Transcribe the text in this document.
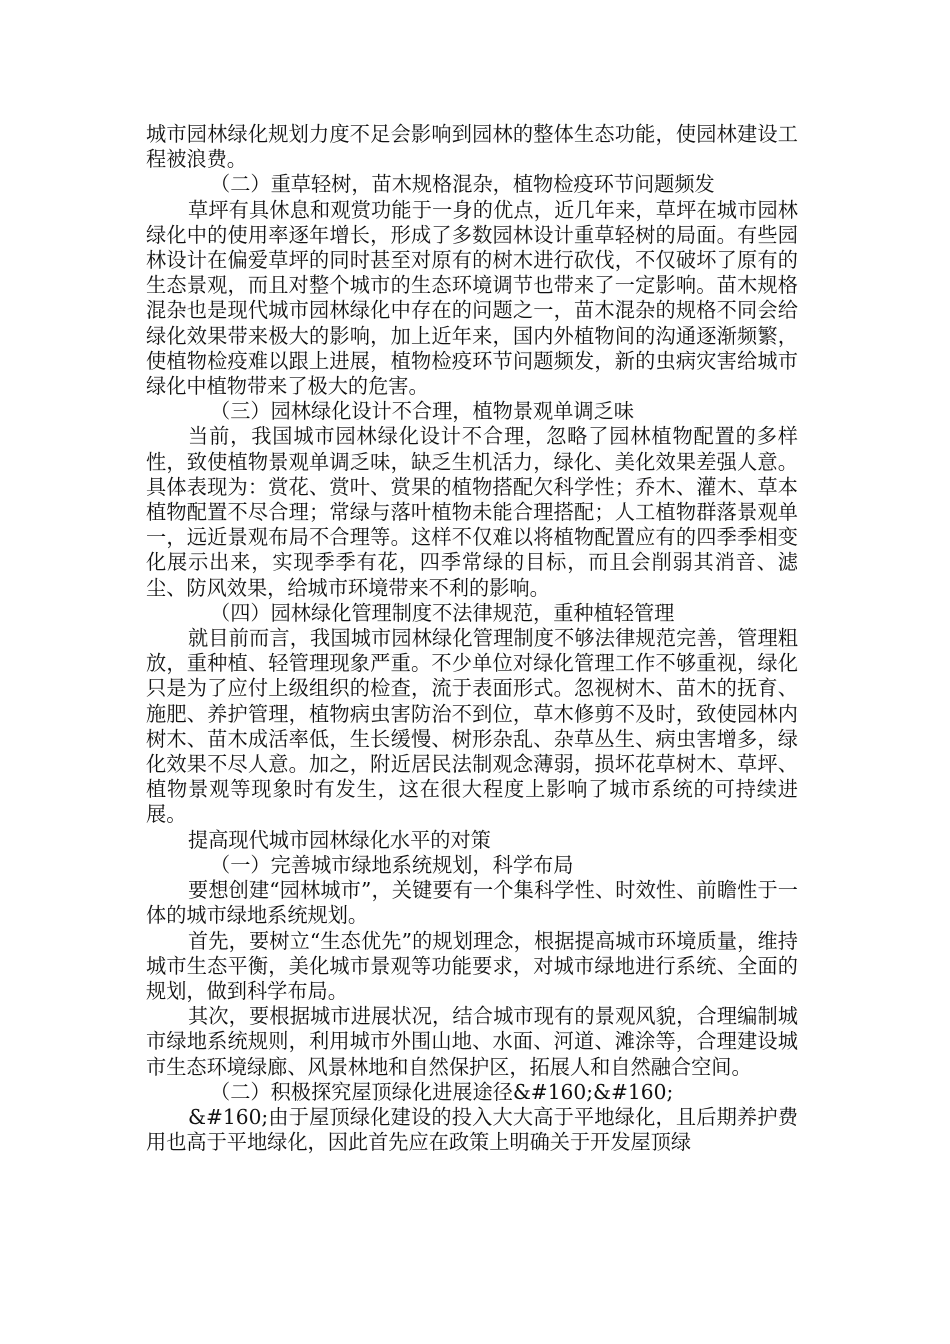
城市园林绿化规划力度不足会影响到园林的整体生态功能，使园林建设工程被浪费。

（二）重草轻树，苗木规格混杂，植物检疫环节问题频发

草坪有具休息和观赏功能于一身的优点，近几年来，草坪在城市园林绿化中的使用率逐年增长，形成了多数园林设计重草轻树的局面。有些园林设计在偏爱草坪的同时甚至对原有的树木进行砍伐，不仅破坏了原有的生态景观，而且对整个城市的生态环境调节也带来了一定影响。苗木规格混杂也是现代城市园林绿化中存在的问题之一，苗木混杂的规格不同会给绿化效果带来极大的影响，加上近年来，国内外植物间的沟通逐渐频繁，使植物检疫难以跟上进展，植物检疫环节问题频发，新的虫病灾害给城市绿化中植物带来了极大的危害。

（三）园林绿化设计不合理，植物景观单调乏味

当前，我国城市园林绿化设计不合理，忽略了园林植物配置的多样性，致使植物景观单调乏味，缺乏生机活力，绿化、美化效果差强人意。具体表现为：赏花、赏叶、赏果的植物搭配欠科学性；乔木、灌木、草本植物配置不尽合理；常绿与落叶植物未能合理搭配；人工植物群落景观单一，远近景观布局不合理等。这样不仅难以将植物配置应有的四季季相变化展示出来，实现季季有花，四季常绿的目标，而且会削弱其消音、滤尘、防风效果，给城市环境带来不利的影响。

（四）园林绿化管理制度不法律规范，重种植轻管理

就目前而言，我国城市园林绿化管理制度不够法律规范完善，管理粗放，重种植、轻管理现象严重。不少单位对绿化管理工作不够重视，绿化只是为了应付上级组织的检查，流于表面形式。忽视树木、苗木的抚育、施肥、养护管理，植物病虫害防治不到位，草木修剪不及时，致使园林内树木、苗木成活率低，生长缓慢、树形杂乱、杂草丛生、病虫害增多，绿化效果不尽人意。加之，附近居民法制观念薄弱，损坏花草树木、草坪、植物景观等现象时有发生，这在很大程度上影响了城市系统的可持续进展。

提高现代城市园林绿化水平的对策

（一）完善城市绿地系统规划，科学布局

要想创建“园林城市”，关键要有一个集科学性、时效性、前瞻性于一体的城市绿地系统规划。

首先，要树立“生态优先”的规划理念，根据提高城市环境质量，维持城市生态平衡，美化城市景观等功能要求，对城市绿地进行系统、全面的规划，做到科学布局。

其次，要根据城市进展状况，结合城市现有的景观风貌，合理编制城市绿地系统规则，利用城市外围山地、水面、河道、滩涂等，合理建设城市生态环境绿廊、风景林地和自然保护区，拓展人和自然融合空间。

（二）积极探究屋顶绿化进展途径&#160;&#160;

&#160;由于屋顶绿化建设的投入大大高于平地绿化，且后期养护费用也高于平地绿化，因此首先应在政策上明确关于开发屋顶绿
